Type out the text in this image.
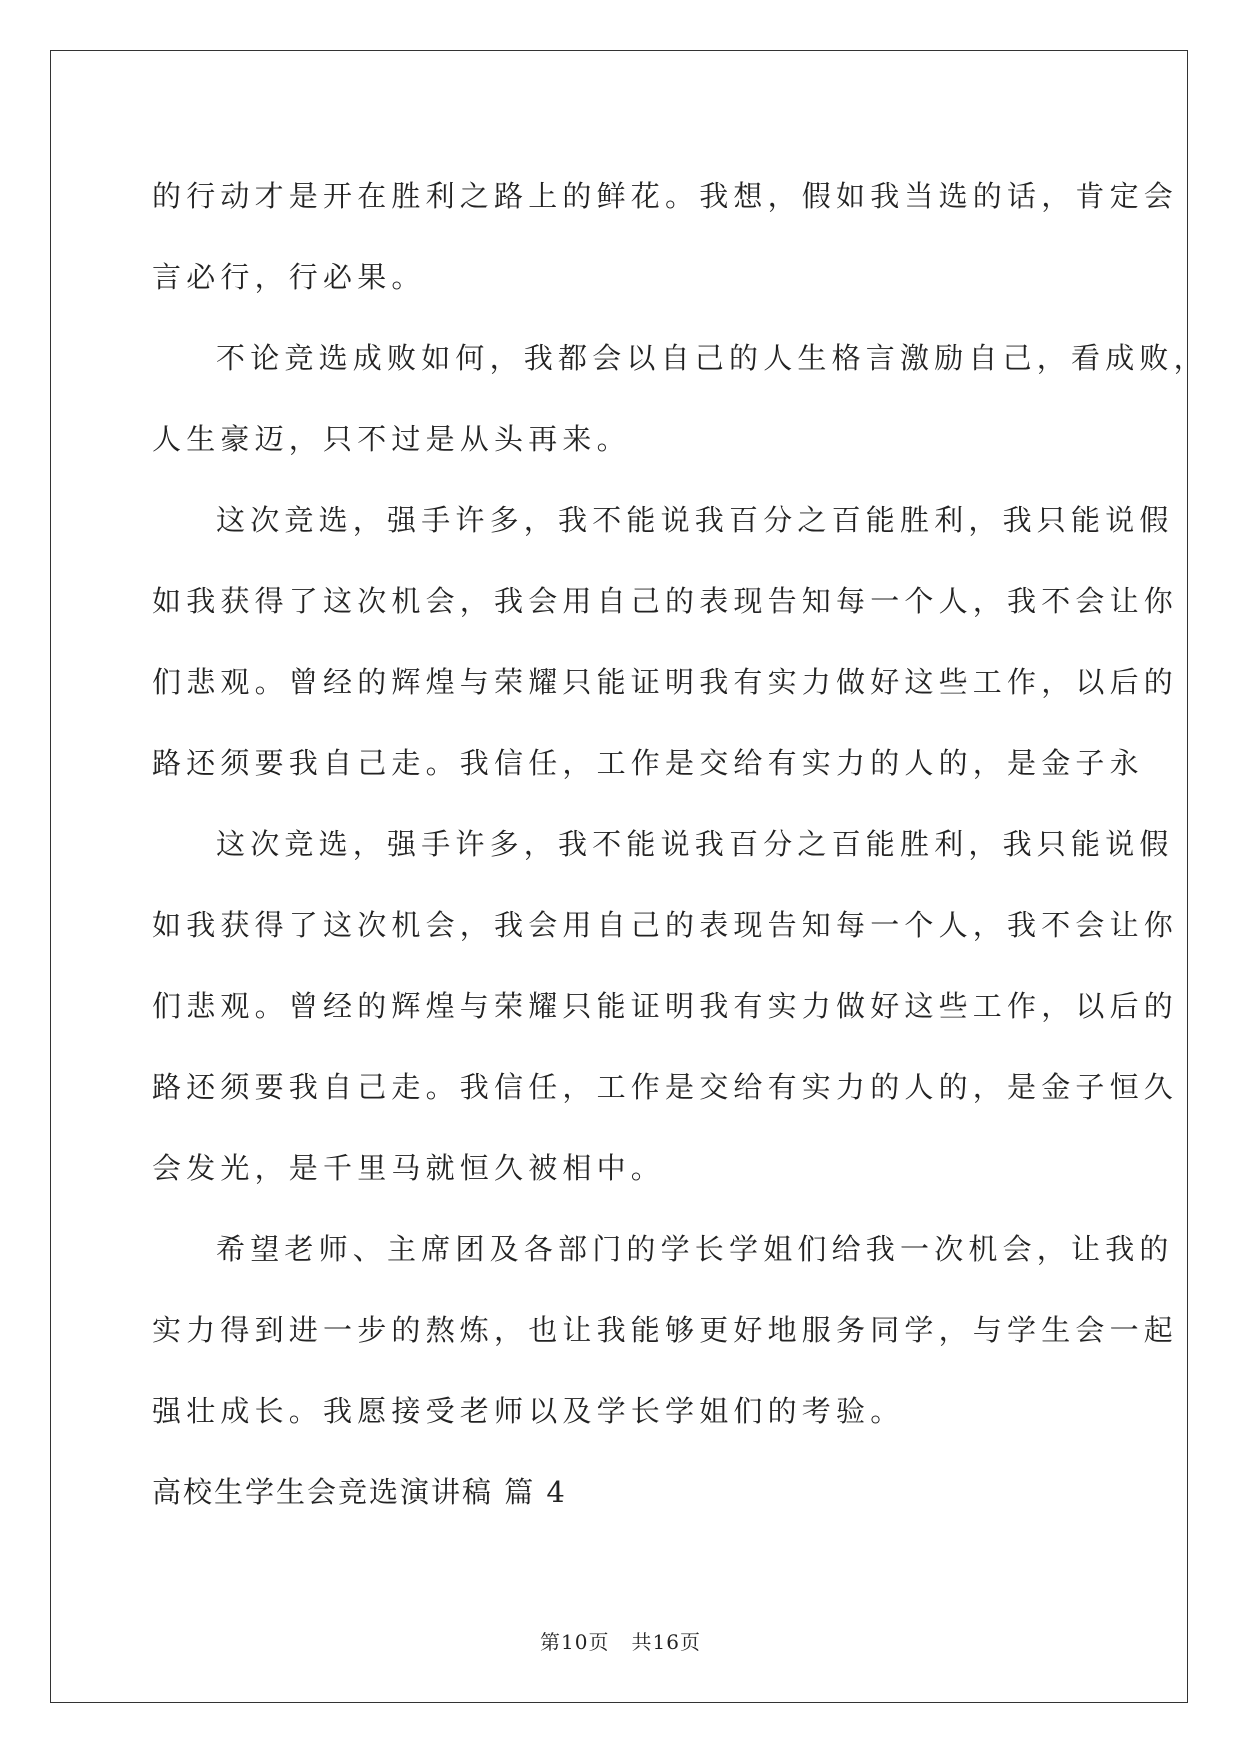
的行动才是开在胜利之路上的鲜花。我想，假如我当选的话，肯定会
言必行，行必果。
不论竞选成败如何，我都会以自己的人生格言激励自己，看成败，
人生豪迈，只不过是从头再来。
这次竞选，强手许多，我不能说我百分之百能胜利，我只能说假
如我获得了这次机会，我会用自己的表现告知每一个人，我不会让你
们悲观。曾经的辉煌与荣耀只能证明我有实力做好这些工作，以后的
路还须要我自己走。我信任，工作是交给有实力的人的，是金子永
这次竞选，强手许多，我不能说我百分之百能胜利，我只能说假
如我获得了这次机会，我会用自己的表现告知每一个人，我不会让你
们悲观。曾经的辉煌与荣耀只能证明我有实力做好这些工作，以后的
路还须要我自己走。我信任，工作是交给有实力的人的，是金子恒久
会发光，是千里马就恒久被相中。
希望老师、主席团及各部门的学长学姐们给我一次机会，让我的
实力得到进一步的熬炼，也让我能够更好地服务同学，与学生会一起
强壮成长。我愿接受老师以及学长学姐们的考验。
高校生学生会竞选演讲稿 篇 4
第10页   共16页
